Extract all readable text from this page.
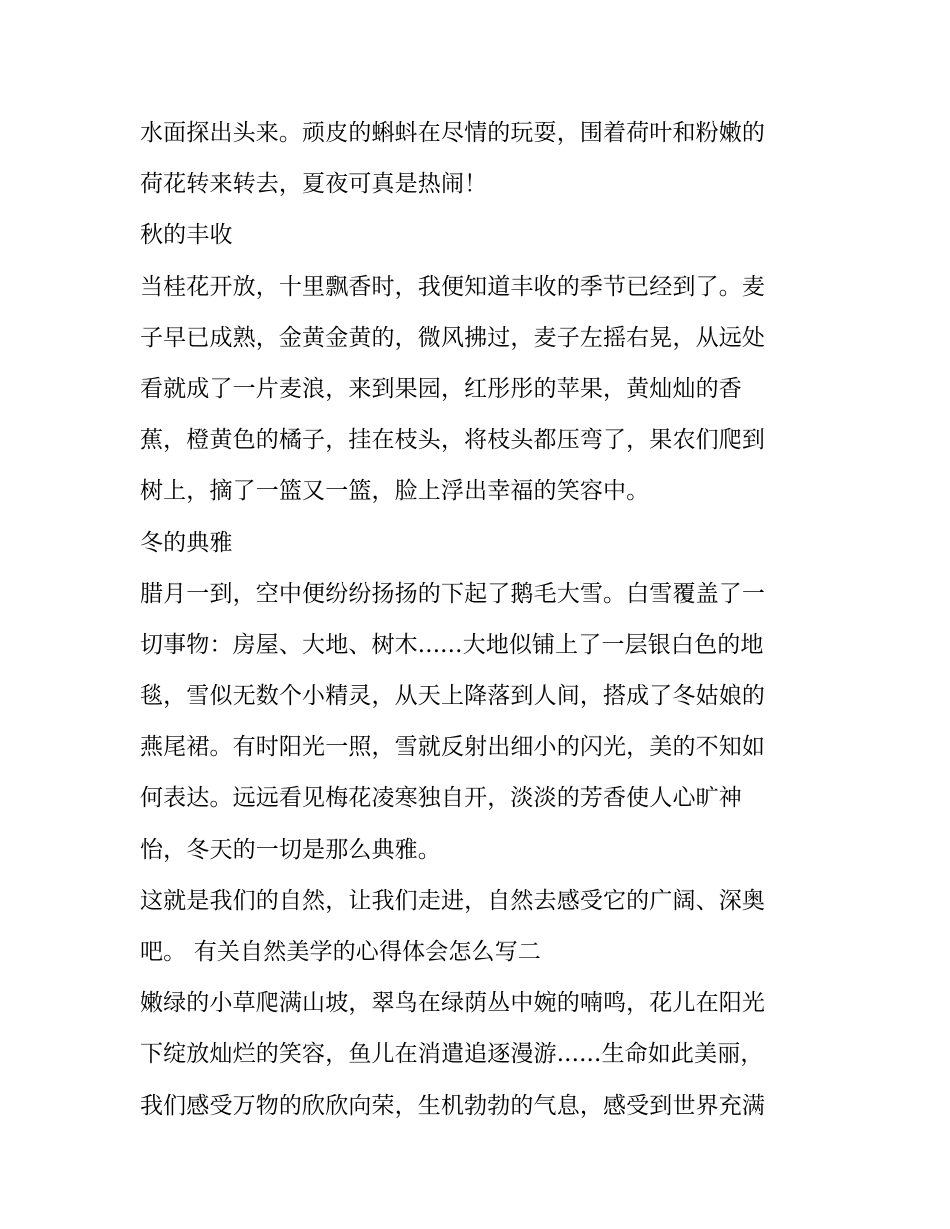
水面探出头来。顽皮的蝌蚪在尽情的玩耍，围着荷叶和粉嫩的
荷花转来转去，夏夜可真是热闹！
秋的丰收
当桂花开放，十里飘香时，我便知道丰收的季节已经到了。麦
子早已成熟，金黄金黄的，微风拂过，麦子左摇右晃，从远处
看就成了一片麦浪，来到果园，红彤彤的苹果，黄灿灿的香
蕉，橙黄色的橘子，挂在枝头，将枝头都压弯了，果农们爬到
树上，摘了一篮又一篮，脸上浮出幸福的笑容中。
冬的典雅
腊月一到，空中便纷纷扬扬的下起了鹅毛大雪。白雪覆盖了一
切事物：房屋、大地、树木......大地似铺上了一层银白色的地
毯，雪似无数个小精灵，从天上降落到人间，搭成了冬姑娘的
燕尾裙。有时阳光一照，雪就反射出细小的闪光，美的不知如
何表达。远远看见梅花凌寒独自开，淡淡的芳香使人心旷神
怡，冬天的一切是那么典雅。
这就是我们的自然，让我们走进，自然去感受它的广阔、深奥
吧。 有关自然美学的心得体会怎么写二
嫩绿的小草爬满山坡，翠鸟在绿荫丛中婉的喃鸣，花儿在阳光
下绽放灿烂的笑容，鱼儿在消遣追逐漫游......生命如此美丽，
我们感受万物的欣欣向荣，生机勃勃的气息，感受到世界充满
